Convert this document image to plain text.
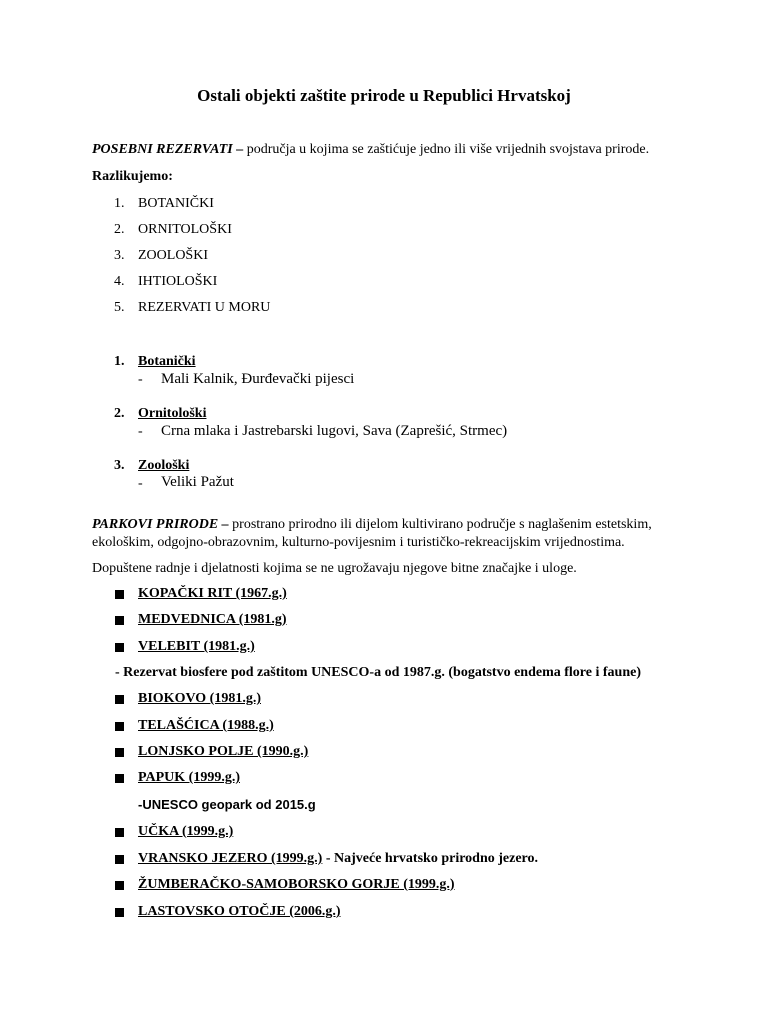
Ostali objekti zaštite prirode u Republici Hrvatskoj
POSEBNI REZERVATI – područja u kojima se zaštićuje jedno ili više vrijednih svojstava prirode.
Razlikujemo:
1. BOTANIČKI
2. ORNITOLOŠKI
3. ZOOLOŠKI
4. IHTIOLOŠKI
5. REZERVATI U MORU
1. Botanički
- Mali Kalnik, Đurđevački pijesci
2. Ornitološki
- Crna mlaka i Jastrebarski lugovi, Sava (Zaprešić, Strmec)
3. Zoološki
- Veliki Pažut
PARKOVI PRIRODE – prostrano prirodno ili dijelom kultivirano područje s naglašenim estetskim,
ekološkim, odgojno-obrazovnim, kulturno-povijesnim i turističko-rekreacijskim vrijednostima.
Dopuštene radnje i djelatnosti kojima se ne ugrožavaju njegove bitne značajke i uloge.
KOPAČKI RIT (1967.g.)
MEDVEDNICA (1981.g)
VELEBIT (1981.g.)
- Rezervat biosfere pod zaštitom UNESCO-a od 1987.g. (bogatstvo endema flore i faune)
BIOKOVO (1981.g.)
TELAŠĆICA (1988.g.)
LONJSKO POLJE (1990.g.)
PAPUK (1999.g.)
-UNESCO geopark od 2015.g
UČKA (1999.g.)
VRANSKO JEZERO (1999.g.) - Najveće hrvatsko prirodno jezero.
ŽUMBERAČKO-SAMOBORSKO GORJE (1999.g.)
LASTOVSKO OTOČJE (2006.g.)
